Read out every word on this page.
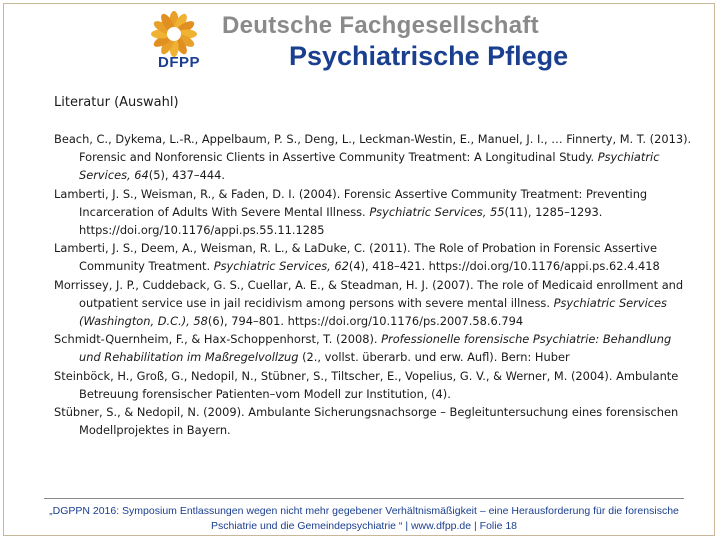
DFPP
Deutsche Fachgesellschaft
Psychiatrische Pflege
Literatur (Auswahl)

Beach, C., Dykema, L.-R., Appelbaum, P. S., Deng, L., Leckman-Westin, E., Manuel, J. I., … Finnerty, M. T. (2013). Forensic and Nonforensic Clients in Assertive Community Treatment: A Longitudinal Study. Psychiatric Services, 64(5), 437–444.

Lamberti, J. S., Weisman, R., & Faden, D. I. (2004). Forensic Assertive Community Treatment: Preventing Incarceration of Adults With Severe Mental Illness. Psychiatric Services, 55(11), 1285–1293. https://doi.org/10.1176/appi.ps.55.11.1285

Lamberti, J. S., Deem, A., Weisman, R. L., & LaDuke, C. (2011). The Role of Probation in Forensic Assertive Community Treatment. Psychiatric Services, 62(4), 418–421. https://doi.org/10.1176/appi.ps.62.4.418

Morrissey, J. P., Cuddeback, G. S., Cuellar, A. E., & Steadman, H. J. (2007). The role of Medicaid enrollment and outpatient service use in jail recidivism among persons with severe mental illness. Psychiatric Services (Washington, D.C.), 58(6), 794–801. https://doi.org/10.1176/ps.2007.58.6.794

Schmidt-Quernheim, F., & Hax-Schoppenhorst, T. (2008). Professionelle forensische Psychiatrie: Behandlung und Rehabilitation im Maßregelvollzug (2., vollst. überarb. und erw. Aufl). Bern: Huber

Steinböck, H., Groß, G., Nedopil, N., Stübner, S., Tiltscher, E., Vopelius, G. V., & Werner, M. (2004). Ambulante Betreuung forensischer Patienten–vom Modell zur Institution, (4).

Stübner, S., & Nedopil, N. (2009). Ambulante Sicherungsnachsorge – Begleituntersuchung eines forensischen Modellprojektes in Bayern.

„DGPPN 2016: Symposium Entlassungen wegen nicht mehr gegebener Verhältnismäßigkeit – eine Herausforderung für die forensische
Pschiatrie und die Gemeindepsychiatrie “ | www.dfpp.de | Folie 18
